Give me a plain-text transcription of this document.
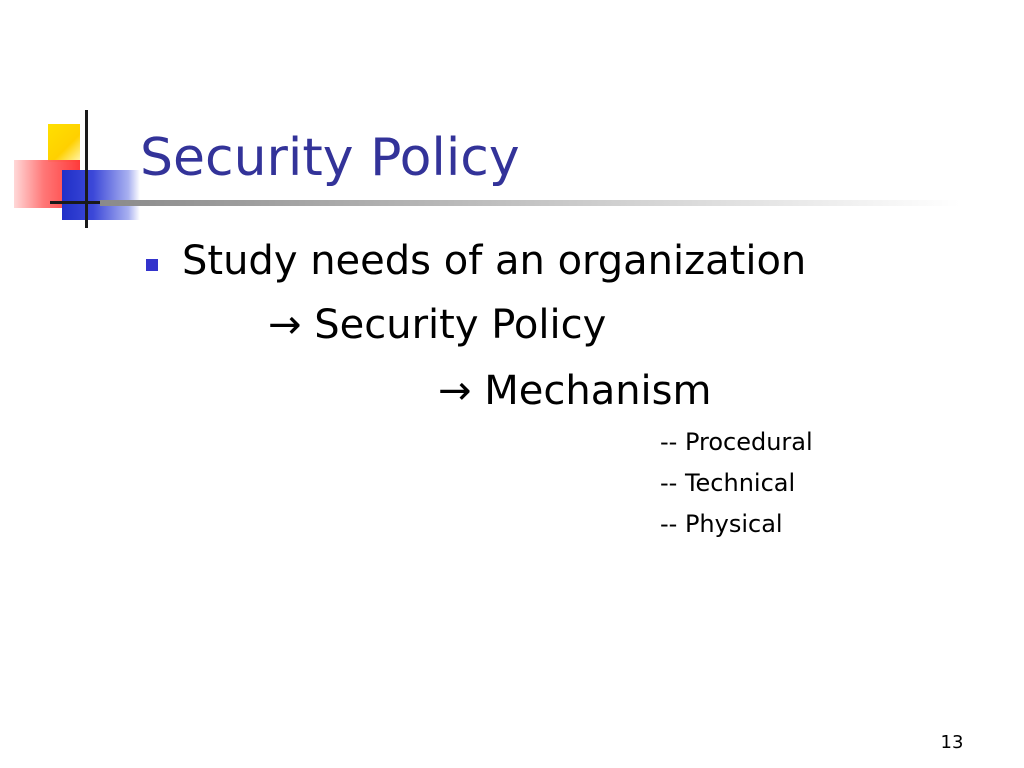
Security Policy
Study needs of an organization
→ Security Policy
→ Mechanism
-- Procedural
-- Technical
-- Physical
13
